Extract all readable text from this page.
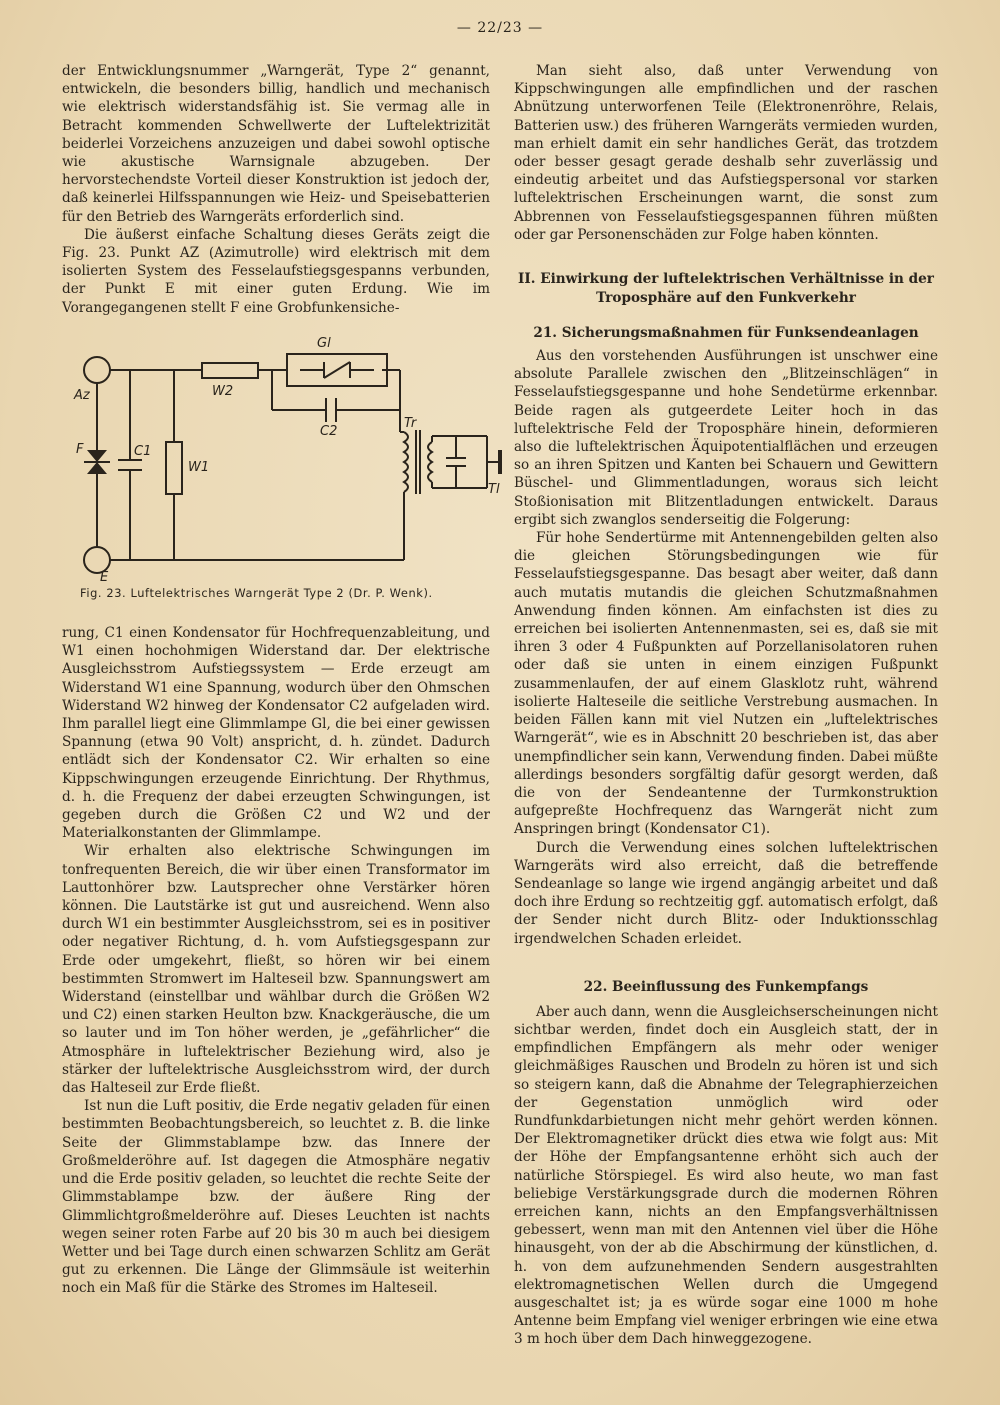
— 22/23 —

der Entwicklungsnummer „Warngerät, Type 2“ genannt, entwickeln, die besonders billig, handlich und mechanisch wie elektrisch widerstandsfähig ist. Sie vermag alle in Betracht kommenden Schwellwerte der Luftelektrizität beiderlei Vorzeichens anzuzeigen und dabei sowohl optische wie akustische Warnsignale abzugeben. Der hervorstechendste Vorteil dieser Konstruktion ist jedoch der, daß keinerlei Hilfsspannungen wie Heiz- und Speisebatterien für den Betrieb des Warngeräts erforderlich sind.

Die äußerst einfache Schaltung dieses Geräts zeigt die Fig. 23. Punkt AZ (Azimutrolle) wird elektrisch mit dem isolierten System des Fesselaufstiegsgespanns verbunden, der Punkt E mit einer guten Erdung. Wie im Vorangegangenen stellt F eine Grobfunkensiche-

Gl
Az	W2
C2
Tr
F	C1
W1
Tl
E
Fig. 23. Luftelektrisches Warngerät Type 2 (Dr. P. Wenk).

rung, C1 einen Kondensator für Hochfrequenzableitung, und W1 einen hochohmigen Widerstand dar. Der elektrische Ausgleichsstrom Aufstiegssystem — Erde erzeugt am Widerstand W1 eine Spannung, wodurch über den Ohmschen Widerstand W2 hinweg der Kondensator C2 aufgeladen wird. Ihm parallel liegt eine Glimmlampe Gl, die bei einer gewissen Spannung (etwa 90 Volt) anspricht, d. h. zündet. Dadurch entlädt sich der Kondensator C2. Wir erhalten so eine Kippschwingungen erzeugende Einrichtung. Der Rhythmus, d. h. die Frequenz der dabei erzeugten Schwingungen, ist gegeben durch die Größen C2 und W2 und der Materialkonstanten der Glimmlampe.

Wir erhalten also elektrische Schwingungen im tonfrequenten Bereich, die wir über einen Transformator im Lauttonhörer bzw. Lautsprecher ohne Verstärker hören können. Die Lautstärke ist gut und ausreichend. Wenn also durch W1 ein bestimmter Ausgleichsstrom, sei es in positiver oder negativer Richtung, d. h. vom Aufstiegsgespann zur Erde oder umgekehrt, fließt, so hören wir bei einem bestimmten Stromwert im Halteseil bzw. Spannungswert am Widerstand (einstellbar und wählbar durch die Größen W2 und C2) einen starken Heulton bzw. Knackgeräusche, die um so lauter und im Ton höher werden, je „gefährlicher“ die Atmosphäre in luftelektrischer Beziehung wird, also je stärker der luftelektrische Ausgleichsstrom wird, der durch das Halteseil zur Erde fließt.

Ist nun die Luft positiv, die Erde negativ geladen für einen bestimmten Beobachtungsbereich, so leuchtet z. B. die linke Seite der Glimmstablampe bzw. das Innere der Großmelderöhre auf. Ist dagegen die Atmosphäre negativ und die Erde positiv geladen, so leuchtet die rechte Seite der Glimmstablampe bzw. der äußere Ring der Glimmlichtgroßmelderöhre auf. Dieses Leuchten ist nachts wegen seiner roten Farbe auf 20 bis 30 m auch bei diesigem Wetter und bei Tage durch einen schwarzen Schlitz am Gerät gut zu erkennen. Die Länge der Glimmsäule ist weiterhin noch ein Maß für die Stärke des Stromes im Halteseil.

Man sieht also, daß unter Verwendung von Kippschwingungen alle empfindlichen und der raschen Abnützung unterworfenen Teile (Elektronenröhre, Relais, Batterien usw.) des früheren Warngeräts vermieden wurden, man erhielt damit ein sehr handliches Gerät, das trotzdem oder besser gesagt gerade deshalb sehr zuverlässig und eindeutig arbeitet und das Aufstiegspersonal vor starken luftelektrischen Erscheinungen warnt, die sonst zum Abbrennen von Fesselaufstiegsgespannen führen müßten oder gar Personenschäden zur Folge haben könnten.

II. Einwirkung der luftelektrischen Verhältnisse in der Troposphäre auf den Funkverkehr
21. Sicherungsmaßnahmen für Funksendeanlagen

Aus den vorstehenden Ausführungen ist unschwer eine absolute Parallele zwischen den „Blitzeinschlägen“ in Fesselaufstiegsgespanne und hohe Sendetürme erkennbar. Beide ragen als gutgeerdete Leiter hoch in das luftelektrische Feld der Troposphäre hinein, deformieren also die luftelektrischen Äquipotentialflächen und erzeugen so an ihren Spitzen und Kanten bei Schauern und Gewittern Büschel- und Glimmentladungen, woraus sich leicht Stoßionisation mit Blitzentladungen entwickelt. Daraus ergibt sich zwanglos senderseitig die Folgerung:

Für hohe Sendertürme mit Antennengebilden gelten also die gleichen Störungsbedingungen wie für Fesselaufstiegsgespanne. Das besagt aber weiter, daß dann auch mutatis mutandis die gleichen Schutzmaßnahmen Anwendung finden können. Am einfachsten ist dies zu erreichen bei isolierten Antennenmasten, sei es, daß sie mit ihren 3 oder 4 Fußpunkten auf Porzellanisolatoren ruhen oder daß sie unten in einem einzigen Fußpunkt zusammenlaufen, der auf einem Glasklotz ruht, während isolierte Halteseile die seitliche Verstrebung ausmachen. In beiden Fällen kann mit viel Nutzen ein „luftelektrisches Warngerät“, wie es in Abschnitt 20 beschrieben ist, das aber unempfindlicher sein kann, Verwendung finden. Dabei müßte allerdings besonders sorgfältig dafür gesorgt werden, daß die von der Sendeantenne der Turmkonstruktion aufgepreßte Hochfrequenz das Warngerät nicht zum Anspringen bringt (Kondensator C1).

Durch die Verwendung eines solchen luftelektrischen Warngeräts wird also erreicht, daß die betreffende Sendeanlage so lange wie irgend angängig arbeitet und daß doch ihre Erdung so rechtzeitig ggf. automatisch erfolgt, daß der Sender nicht durch Blitz- oder Induktionsschlag irgendwelchen Schaden erleidet.

22. Beeinflussung des Funkempfangs

Aber auch dann, wenn die Ausgleichserscheinungen nicht sichtbar werden, findet doch ein Ausgleich statt, der in empfindlichen Empfängern als mehr oder weniger gleichmäßiges Rauschen und Brodeln zu hören ist und sich so steigern kann, daß die Abnahme der Telegraphierzeichen der Gegenstation unmöglich wird oder Rundfunkdarbietungen nicht mehr gehört werden können. Der Elektromagnetiker drückt dies etwa wie folgt aus: Mit der Höhe der Empfangsantenne erhöht sich auch der natürliche Störspiegel. Es wird also heute, wo man fast beliebige Verstärkungsgrade durch die modernen Röhren erreichen kann, nichts an den Empfangsverhältnissen gebessert, wenn man mit den Antennen viel über die Höhe hinausgeht, von der ab die Abschirmung der künstlichen, d. h. von dem aufzunehmenden Sendern ausgestrahlten elektromagnetischen Wellen durch die Umgegend ausgeschaltet ist; ja es würde sogar eine 1000 m hohe Antenne beim Empfang viel weniger erbringen wie eine etwa 3 m hoch über dem Dach hinweggezogene.
